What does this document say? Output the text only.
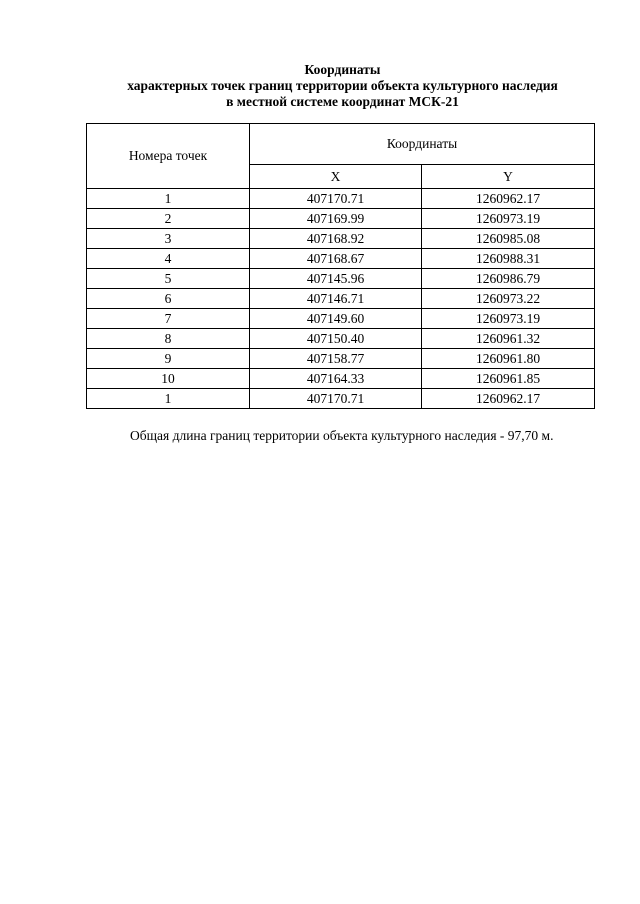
Координаты
характерных точек границ территории объекта культурного наследия
в местной системе координат МСК-21
Номера точек	Координаты	
	X	Y
1	407170.71	1260962.17
2	407169.99	1260973.19
3	407168.92	1260985.08
4	407168.67	1260988.31
5	407145.96	1260986.79
6	407146.71	1260973.22
7	407149.60	1260973.19
8	407150.40	1260961.32
9	407158.77	1260961.80
10	407164.33	1260961.85
1	407170.71	1260962.17
Общая длина границ территории объекта культурного наследия - 97,70 м.
